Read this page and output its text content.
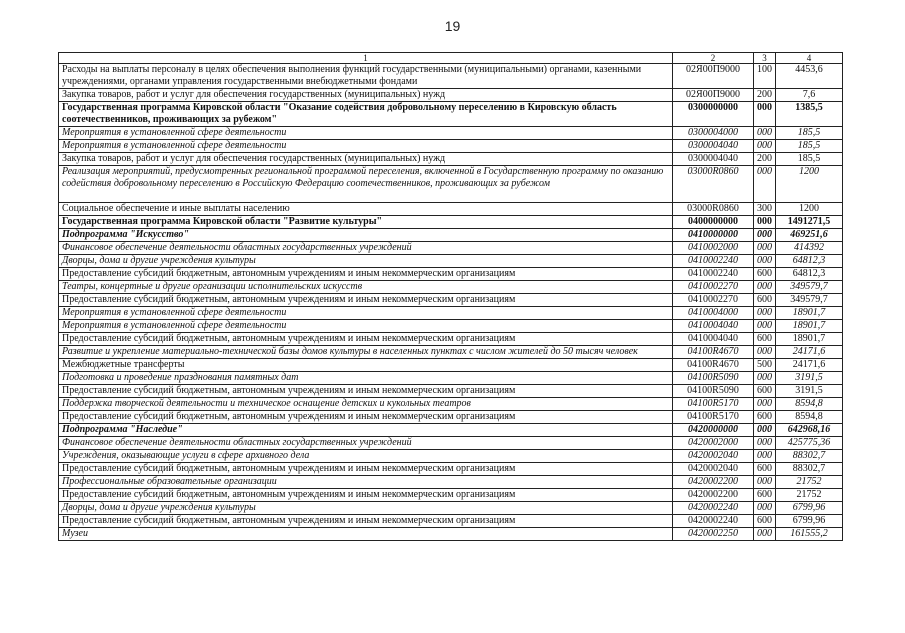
19
1	2	3	4
Расходы на выплаты персоналу в целях обеспечения выполнения функций государственными (муниципальными) органами, казенными учреждениями, органами управления государственными внебюджетными фондами	02Я00П9000	100	4453,6
Закупка товаров, работ и услуг для обеспечения государственных (муниципальных) нужд	02Я00П9000	200	7,6
Государственная программа Кировской области "Оказание содействия добровольному переселению в Кировскую область соотечественников, проживающих за рубежом"	0300000000	000	1385,5
Мероприятия в установленной сфере деятельности	0300004000	000	185,5
Мероприятия в установленной сфере деятельности	0300004040	000	185,5
Закупка товаров, работ и услуг для обеспечения государственных (муниципальных) нужд	0300004040	200	185,5
Реализация мероприятий, предусмотренных региональной программой переселения, включенной в Государственную программу по оказанию содействия добровольному переселению в Российскую Федерацию соотечественников, проживающих за рубежом	03000R0860	000	1200
Социальное обеспечение и иные выплаты населению	03000R0860	300	1200
Государственная программа Кировской области "Развитие культуры"	0400000000	000	1491271,5
Подпрограмма "Искусство"	0410000000	000	469251,6
Финансовое обеспечение деятельности областных государственных учреждений	0410002000	000	414392
Дворцы, дома и другие учреждения культуры	0410002240	000	64812,3
Предоставление субсидий бюджетным, автономным учреждениям и иным некоммерческим организациям	0410002240	600	64812,3
Театры, концертные и другие организации исполнительских искусств	0410002270	000	349579,7
Предоставление субсидий бюджетным, автономным учреждениям и иным некоммерческим организациям	0410002270	600	349579,7
Мероприятия в установленной сфере деятельности	0410004000	000	18901,7
Мероприятия в установленной сфере деятельности	0410004040	000	18901,7
Предоставление субсидий бюджетным, автономным учреждениям и иным некоммерческим организациям	0410004040	600	18901,7
Развитие и укрепление материально-технической базы домов культуры в населенных пунктах с числом жителей до 50 тысяч человек	04100R4670	000	24171,6
Межбюджетные трансферты	04100R4670	500	24171,6
Подготовка и проведение празднования памятных дат	04100R5090	000	3191,5
Предоставление субсидий бюджетным, автономным учреждениям и иным некоммерческим организациям	04100R5090	600	3191,5
Поддержка творческой деятельности и техническое оснащение детских и кукольных театров	04100R5170	000	8594,8
Предоставление субсидий бюджетным, автономным учреждениям и иным некоммерческим организациям	04100R5170	600	8594,8
Подпрограмма "Наследие"	0420000000	000	642968,16
Финансовое обеспечение деятельности областных государственных учреждений	0420002000	000	425775,36
Учреждения, оказывающие услуги в сфере архивного дела	0420002040	000	88302,7
Предоставление субсидий бюджетным, автономным учреждениям и иным некоммерческим организациям	0420002040	600	88302,7
Профессиональные образовательные организации	0420002200	000	21752
Предоставление субсидий бюджетным, автономным учреждениям и иным некоммерческим организациям	0420002200	600	21752
Дворцы, дома и другие учреждения культуры	0420002240	000	6799,96
Предоставление субсидий бюджетным, автономным учреждениям и иным некоммерческим организациям	0420002240	600	6799,96
Музеи	0420002250	000	161555,2
